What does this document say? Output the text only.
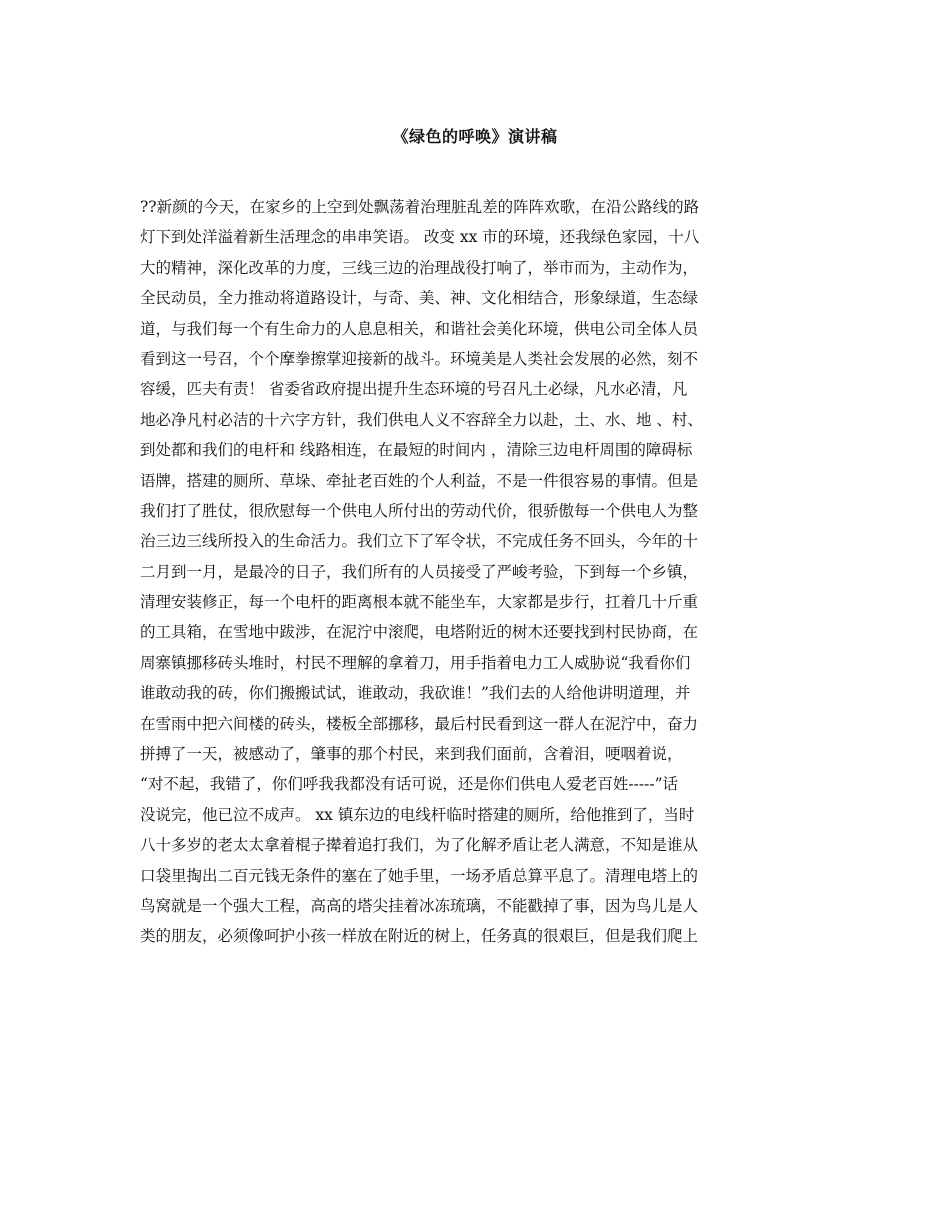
《绿色的呼唤》演讲稿
??新颜的今天，在家乡的上空到处飘荡着治理脏乱差的阵阵欢歌，在沿公路线的路
灯下到处洋溢着新生活理念的串串笑语。 改变 xx 市的环境，还我绿色家园，十八
大的精神，深化改革的力度，三线三边的治理战役打响了，举市而为，主动作为，
全民动员，全力推动将道路设计，与奇、美、神、文化相结合，形象绿道，生态绿
道，与我们每一个有生命力的人息息相关，和谐社会美化环境，供电公司全体人员
看到这一号召，个个摩拳擦掌迎接新的战斗。环境美是人类社会发展的必然，刻不
容缓，匹夫有责！ 省委省政府提出提升生态环境的号召凡土必绿，凡水必清，凡
地必净凡村必洁的十六字方针，我们供电人义不容辞全力以赴，土、水、地 、村、
到处都和我们的电杆和 线路相连，在最短的时间内 ，清除三边电杆周围的障碍标
语牌，搭建的厕所、草垛、牵扯老百姓的个人利益，不是一件很容易的事情。但是
我们打了胜仗，很欣慰每一个供电人所付出的劳动代价，很骄傲每一个供电人为整
治三边三线所投入的生命活力。我们立下了军令状，不完成任务不回头，今年的十
二月到一月，是最冷的日子，我们所有的人员接受了严峻考验，下到每一个乡镇，
清理安装修正，每一个电杆的距离根本就不能坐车，大家都是步行，扛着几十斤重
的工具箱，在雪地中跋涉，在泥泞中滚爬，电塔附近的树木还要找到村民协商，在
周寨镇挪移砖头堆时，村民不理解的拿着刀，用手指着电力工人威胁说“我看你们
谁敢动我的砖，你们搬搬试试，谁敢动，我砍谁！”我们去的人给他讲明道理，并
在雪雨中把六间楼的砖头，楼板全部挪移，最后村民看到这一群人在泥泞中，奋力
拼搏了一天，被感动了，肇事的那个村民，来到我们面前，含着泪，哽咽着说，
“对不起，我错了，你们呼我我都没有话可说，还是你们供电人爱老百姓-----”话
没说完，他已泣不成声。 xx 镇东边的电线杆临时搭建的厕所，给他推到了，当时
八十多岁的老太太拿着棍子撵着追打我们，为了化解矛盾让老人满意，不知是谁从
口袋里掏出二百元钱无条件的塞在了她手里，一场矛盾总算平息了。清理电塔上的
鸟窝就是一个强大工程，高高的塔尖挂着冰冻琉璃，不能戳掉了事，因为鸟儿是人
类的朋友，必须像呵护小孩一样放在附近的树上，任务真的很艰巨，但是我们爬上
